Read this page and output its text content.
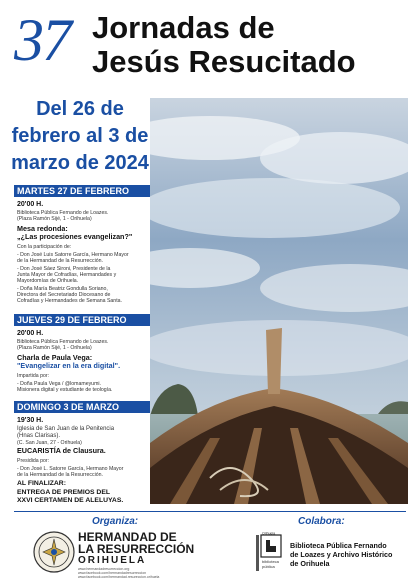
37 Jornadas de
Jesús Resucitado
Del 26 de
febrero al 3 de
marzo de 2024
MARTES 27 DE FEBRERO
20'00 H.
Biblioteca Pública Fernando de Loazes.
(Plaza Ramón Sijé, 1 - Orihuela)
Mesa redonda:
„¿Las procesiones evangelizan?"
Con la participación de:
- Don José Luis Satorre García, Hermano Mayor
de la Hermandad de la Resurrección.
- Don José Sáez Sironi, Presidente de la
Junta Mayor de Cofradías, Hermandades y
Mayordomías de Orihuela.
- Doña María Beatriz Gondulla Soriano,
Directora del Secretariado Diocesano de
Cofradías y Hermandades de Semana Santa.
JUEVES 29 DE FEBRERO
20'00 H.
Biblioteca Pública Fernando de Loazes.
(Plaza Ramón Sijé, 1 - Orihuela)
Charla de Paula Vega:
"Evangelizar en la era digital".
Impartida por:
- Doña Paula Vega / @lomameyumi.
Misionera digital y estudiante de teología.
DOMINGO 3 DE MARZO
19'30 H.
Iglesia de San Juan de la Penitencia
(Hnas Clarisas).
(C. San Juan, 27 - Orihuela)
EUCARISTÍA de Clausura.
Presidida por:
- Don José L. Satorre García, Hermano Mayor
de la Hermandad de la Resurrección.
AL FINALIZAR:
ENTREGA DE PREMIOS DEL
XXVI CERTAMEN DE ALELUYAS.
Organiza:	Colabora:
HERMANDAD DE
LA RESURRECCIÓN
ORIHUELA
www.hermandadresurreccion.org
www.facebook.com/hermandadresurreccion
www.facebook.com/hermandad.resureccion.orihuela
biblioteca
pública
Orihuela
Biblioteca Pública Fernando
de Loazes y Archivo Histórico
de Orihuela
